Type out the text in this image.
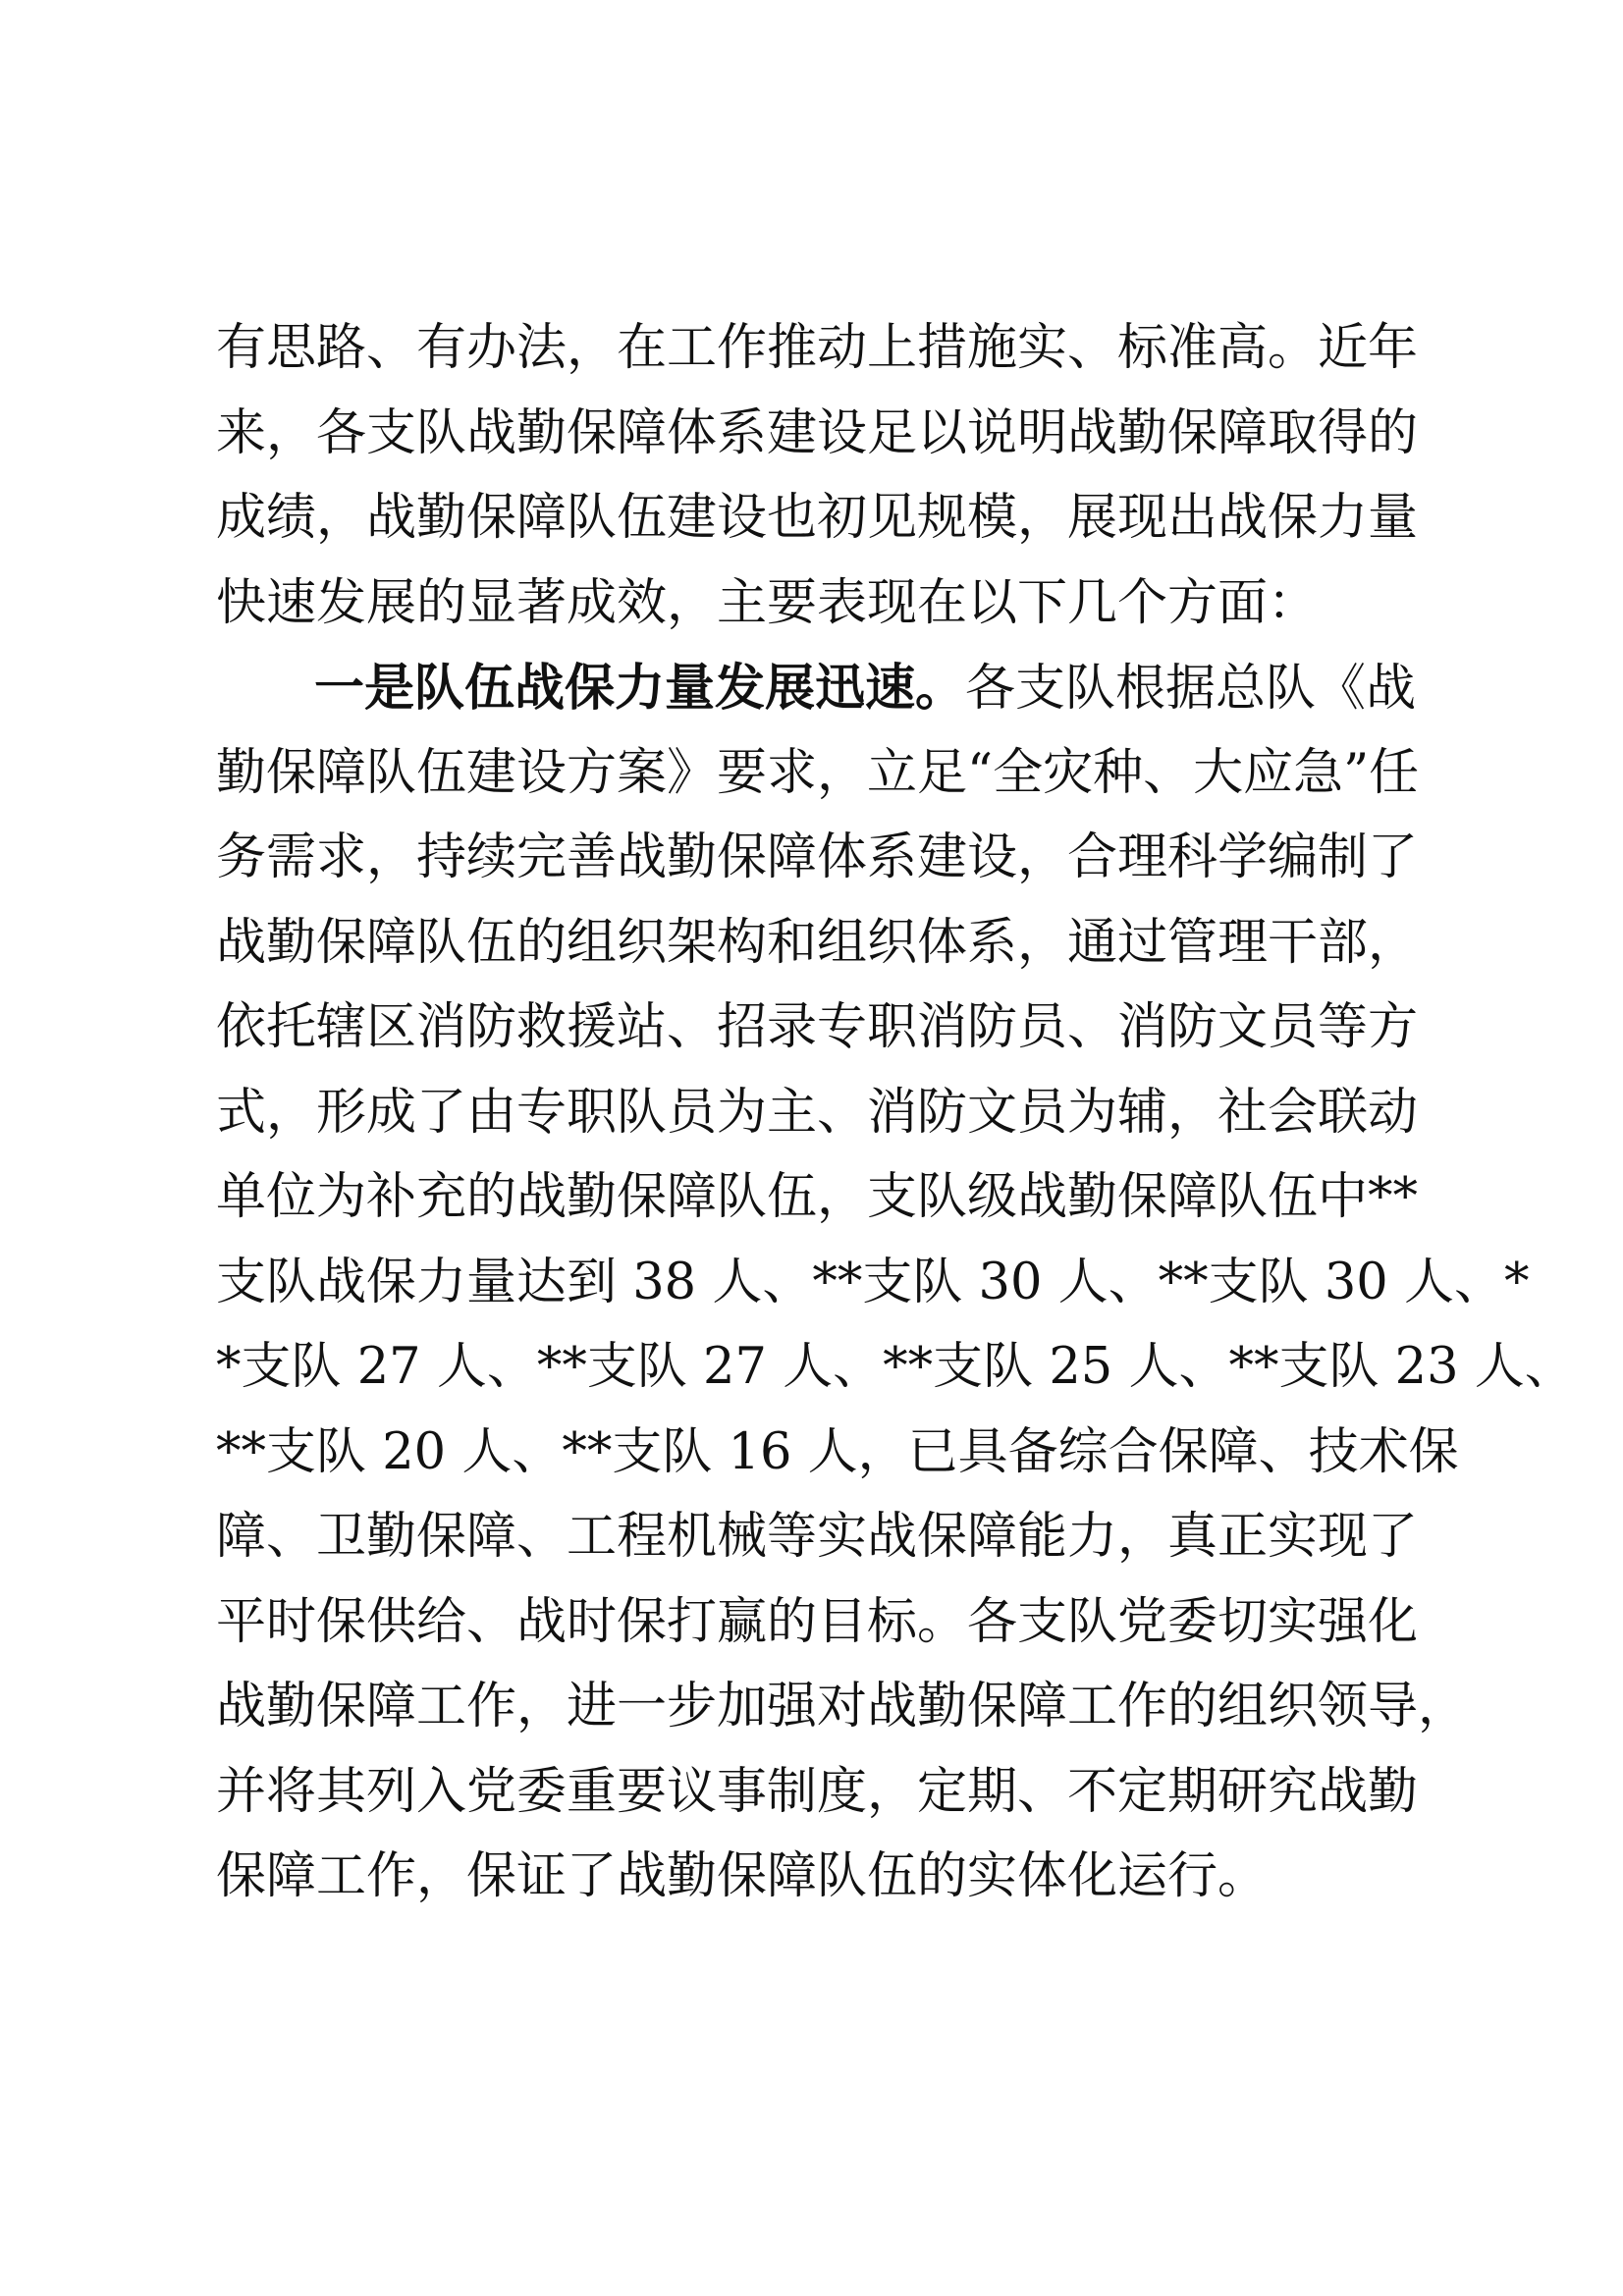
有思路、有办法，在工作推动上措施实、标准高。近年
来，各支队战勤保障体系建设足以说明战勤保障取得的
成绩，战勤保障队伍建设也初见规模，展现出战保力量
快速发展的显著成效，主要表现在以下几个方面：
一是队伍战保力量发展迅速。各支队根据总队《战
勤保障队伍建设方案》要求，立足“全灾种、大应急”任
务需求，持续完善战勤保障体系建设，合理科学编制了
战勤保障队伍的组织架构和组织体系，通过管理干部，
依托辖区消防救援站、招录专职消防员、消防文员等方
式，形成了由专职队员为主、消防文员为辅，社会联动
单位为补充的战勤保障队伍，支队级战勤保障队伍中**
支队战保力量达到 38 人、**支队 30 人、**支队 30 人、*
*支队 27 人、**支队 27 人、**支队 25 人、**支队 23 人、
**支队 20 人、**支队 16 人，已具备综合保障、技术保
障、卫勤保障、工程机械等实战保障能力，真正实现了
平时保供给、战时保打赢的目标。各支队党委切实强化
战勤保障工作，进一步加强对战勤保障工作的组织领导，
并将其列入党委重要议事制度，定期、不定期研究战勤
保障工作，保证了战勤保障队伍的实体化运行。
